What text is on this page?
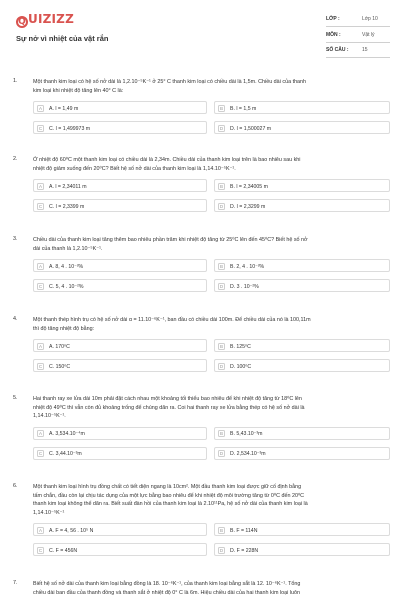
Q UIZIZZ
Sự nở vì nhiệt của vật rắn
LỚP :	Lớp 10
MÔN :	Vật lý
SỐ CÂU :	15
1.	Một thanh kim loại có hệ số nở dài là 1,2.10⁻⁵K⁻¹ ở 25° C thanh kim loại có chiều dài là 1,5m. Chiều dài của thanh
kim loại khi nhiệt độ tăng lên 40° C là:
A	A. l = 1,49 m	B	B. l = 1,5 m
C	C. l = 1,499973 m	D	D. l = 1,500027 m
2.	Ở nhiệt độ 60⁰C một thanh kim loại có chiều dài là 2,34m. Chiều dài của thanh kim loại trên là bao nhiêu sau khi
nhiệt độ giảm xuống đến 20⁰C? Biết hệ số nở dài của thanh kim loại là 1,14.10⁻⁵K⁻¹.
A	A. l = 2,34011 m	B	B. l = 2,34005 m
C	C. l = 2,3399 m	D	D. l = 2,3299 m
3.	Chiều dài của thanh kim loại tăng thêm bao nhiêu phần trăm khi nhiệt độ tăng từ 25⁰C lên đến 45⁰C? Biết hệ số nở
dài của thanh là 1,2.10⁻⁵K⁻¹.
A	A. 8, 4 . 10⁻²%	B	B. 2, 4 . 10⁻²%
C	C. 5, 4 . 10⁻²%	D	D. 3 . 10⁻²%
4.	Một thanh thép hình trụ có hệ số nở dài α = 11.10⁻⁶K⁻¹, ban đầu có chiều dài 100m. Để chiều dài của nó là 100,11m
thì độ tăng nhiệt độ bằng:
A	A. 170⁰C	B	B. 125⁰C
C	C. 150⁰C	D	D. 100⁰C
5.	Hai thanh ray xe lửa dài 10m phải đặt cách nhau một khoảng tối thiểu bao nhiêu để khi nhiệt độ tăng từ 18⁰C lên
nhiệt độ 49⁰C thì vẫn còn đủ khoảng trống để chúng dãn ra. Coi hai thanh ray xe lửa bằng thép có hệ số nở dài là
1,14.10⁻⁵K⁻¹.
A	A. 3,534.10⁻⁴m	B	B. 5,43.10⁻³m
C	C. 3,44.10⁻³m	D	D. 2,534.10⁻³m
6.	Một thanh kim loại hình trụ đồng chất có tiết diện ngang là 10cm². Một đầu thanh kim loại được giữ cố định bằng
tấm chắn, đầu còn lại chịu tác dụng của một lực bằng bao nhiêu để khi nhiệt độ môi trường tăng từ 0⁰C đến 20⁰C
thanh kim loại không thể dãn ra. Biết suất đàn hồi của thanh kim loại là 2.10¹¹Pa, hệ số nở dài của thanh kim loại là
1,14.10⁻⁵K⁻¹
A	A. F = 4, 56 . 10⁵ N	B	B. F = 114N
C	C. F = 456N	D	D. F = 228N
7.	Biết hệ số nở dài của thanh kim loại bằng đồng là 18. 10⁻⁶K⁻¹, của thanh kim loại bằng sắt là 12. 10⁻⁶K⁻¹. Tổng
chiều dài ban đầu của thanh đồng và thanh sắt ở nhiệt độ 0° C là 6m. Hiệu chiều dài của hai thanh kim loại luôn
